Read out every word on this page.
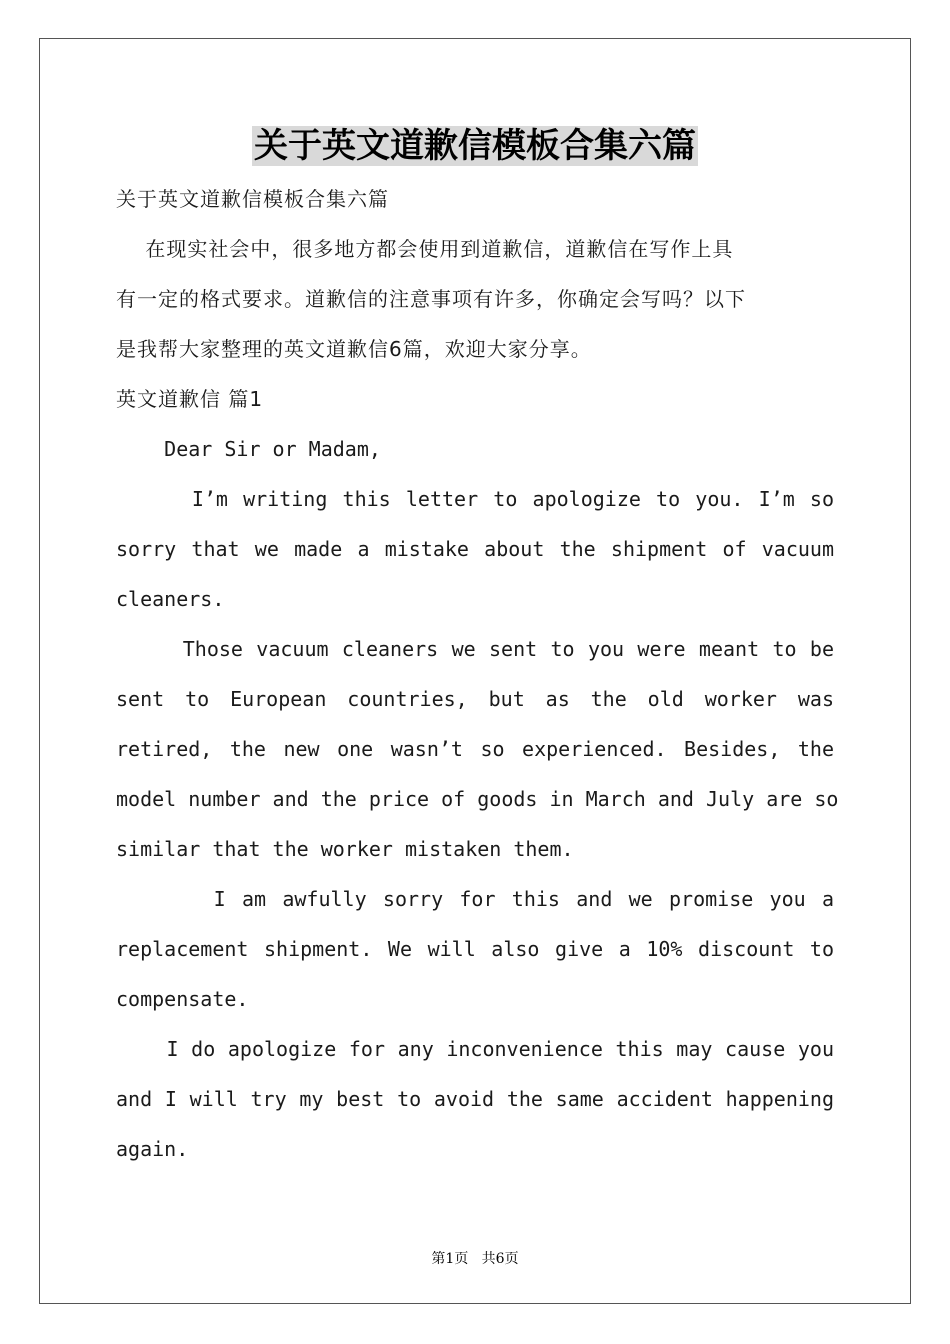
关于英文道歉信模板合集六篇

关于英文道歉信模板合集六篇

在现实社会中，很多地方都会使用到道歉信，道歉信在写作上具

有一定的格式要求。道歉信的注意事项有许多，你确定会写吗？以下

是我帮大家整理的英文道歉信6篇，欢迎大家分享。

英文道歉信 篇1

Dear Sir or Madam,

I’m writing this letter to apologize to you. I’m so

sorry that we made a mistake about the shipment of vacuum

cleaners.

Those vacuum cleaners we sent to you were meant to be

sent to European countries, but as the old worker was

retired, the new one wasn’t so experienced. Besides, the

model number and the price of goods in March and July are so

similar that the worker mistaken them.

I am awfully sorry for this and we promise you a

replacement shipment. We will also give a 10% discount to

compensate.

I do apologize for any inconvenience this may cause you

and I will try my best to avoid the same accident happening

again.

第1页   共6页
